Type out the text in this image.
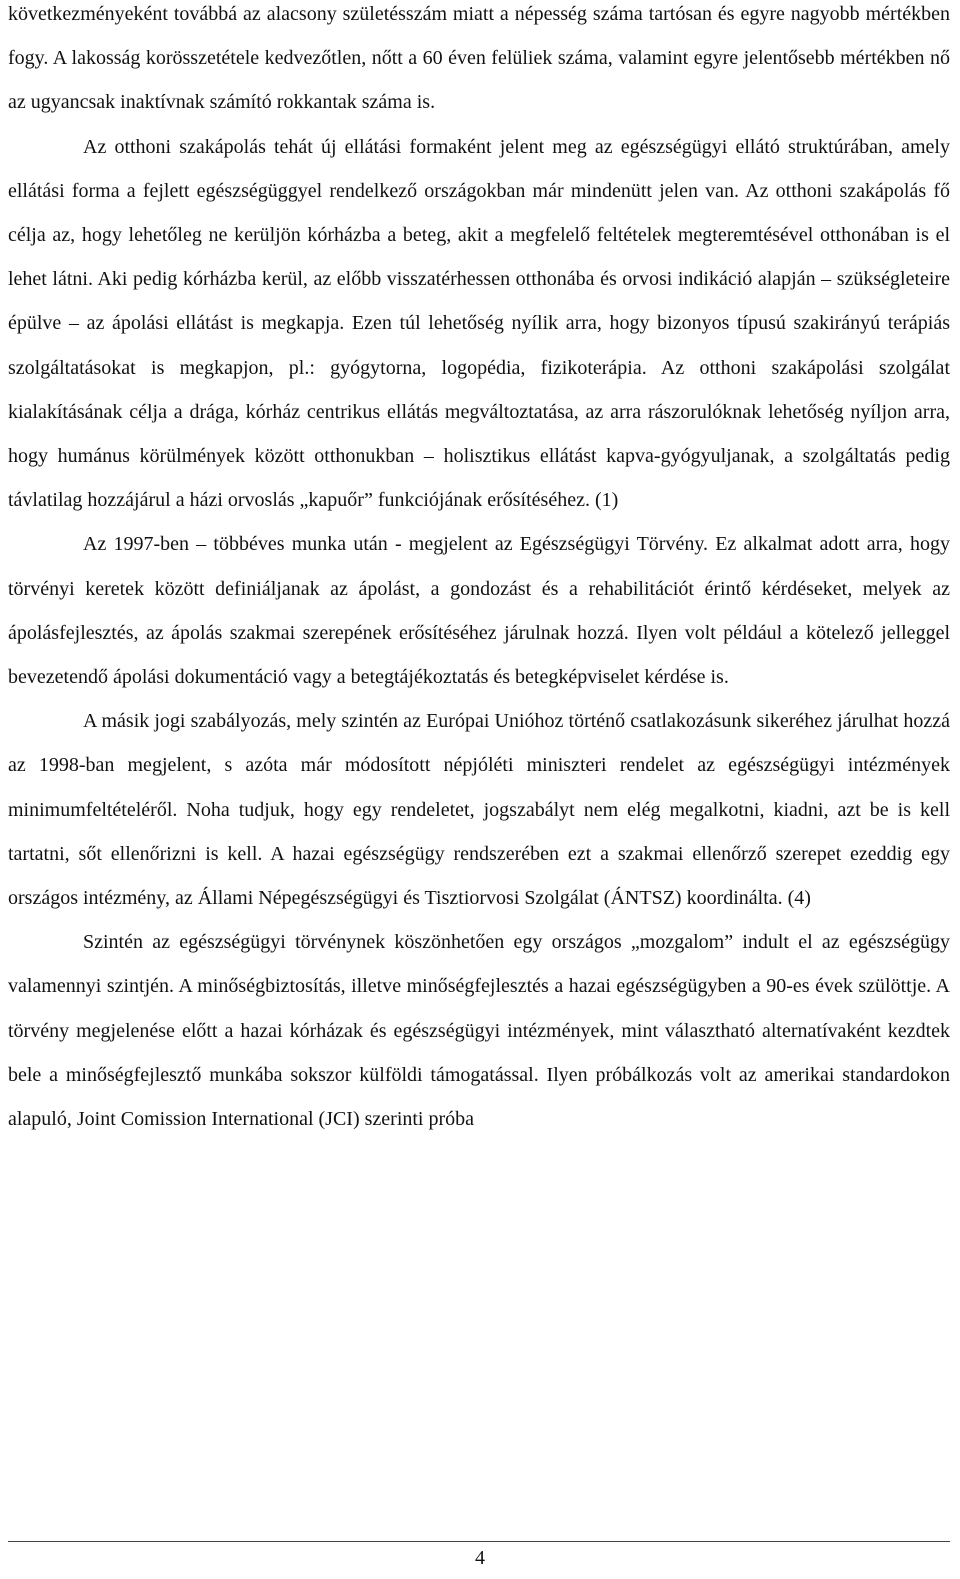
következményeként továbbá az alacsony születésszám miatt a népesség száma tartósan és egyre nagyobb mértékben fogy. A lakosság korösszetétele kedvezőtlen, nőtt a 60 éven felüliek száma, valamint egyre jelentősebb mértékben nő az ugyancsak inaktívnak számító rokkantak száma is.

Az otthoni szakápolás tehát új ellátási formaként jelent meg az egészségügyi ellátó struktúrában, amely ellátási forma a fejlett egészségüggyel rendelkező országokban már mindenütt jelen van. Az otthoni szakápolás fő célja az, hogy lehetőleg ne kerüljön kórházba a beteg, akit a megfelelő feltételek megteremtésével otthonában is el lehet látni. Aki pedig kórházba kerül, az előbb visszatérhessen otthonába és orvosi indikáció alapján – szükségleteire épülve – az ápolási ellátást is megkapja. Ezen túl lehetőség nyílik arra, hogy bizonyos típusú szakirányú terápiás szolgáltatásokat is megkapjon, pl.: gyógytorna, logopédia, fizikoterápia. Az otthoni szakápolási szolgálat kialakításának célja a drága, kórház centrikus ellátás megváltoztatása, az arra rászorulóknak lehetőség nyíljon arra, hogy humánus körülmények között otthonukban – holisztikus ellátást kapva-gyógyuljanak, a szolgáltatás pedig távlatilag hozzájárul a házi orvoslás „kapuőr” funkciójának erősítéséhez. (1)

Az 1997-ben – többéves munka után - megjelent az Egészségügyi Törvény. Ez alkalmat adott arra, hogy törvényi keretek között definiáljanak az ápolást, a gondozást és a rehabilitációt érintő kérdéseket, melyek az ápolásfejlesztés, az ápolás szakmai szerepének erősítéséhez járulnak hozzá. Ilyen volt például a kötelező jelleggel bevezetendő ápolási dokumentáció vagy a betegtájékoztatás és betegképviselet kérdése is.

A másik jogi szabályozás, mely szintén az Európai Unióhoz történő csatlakozásunk sikeréhez járulhat hozzá az 1998-ban megjelent, s azóta már módosított népjóléti miniszteri rendelet az egészségügyi intézmények minimumfeltételéről. Noha tudjuk, hogy egy rendeletet, jogszabályt nem elég megalkotni, kiadni, azt be is kell tartatni, sőt ellenőrizni is kell. A hazai egészségügy rendszerében ezt a szakmai ellenőrző szerepet ezeddig egy országos intézmény, az Állami Népegészségügyi és Tisztiorvosi Szolgálat (ÁNTSZ) koordinálta. (4)

Szintén az egészségügyi törvénynek köszönhetően egy országos „mozgalom” indult el az egészségügy valamennyi szintjén. A minőségbiztosítás, illetve minőségfejlesztés a hazai egészségügyben a 90-es évek szülöttje. A törvény megjelenése előtt a hazai kórházak és egészségügyi intézmények, mint választható alternatívaként kezdtek bele a minőségfejlesztő munkába sokszor külföldi támogatással. Ilyen próbálkozás volt az amerikai standardokon alapuló, Joint Comission International (JCI) szerinti próba

4
